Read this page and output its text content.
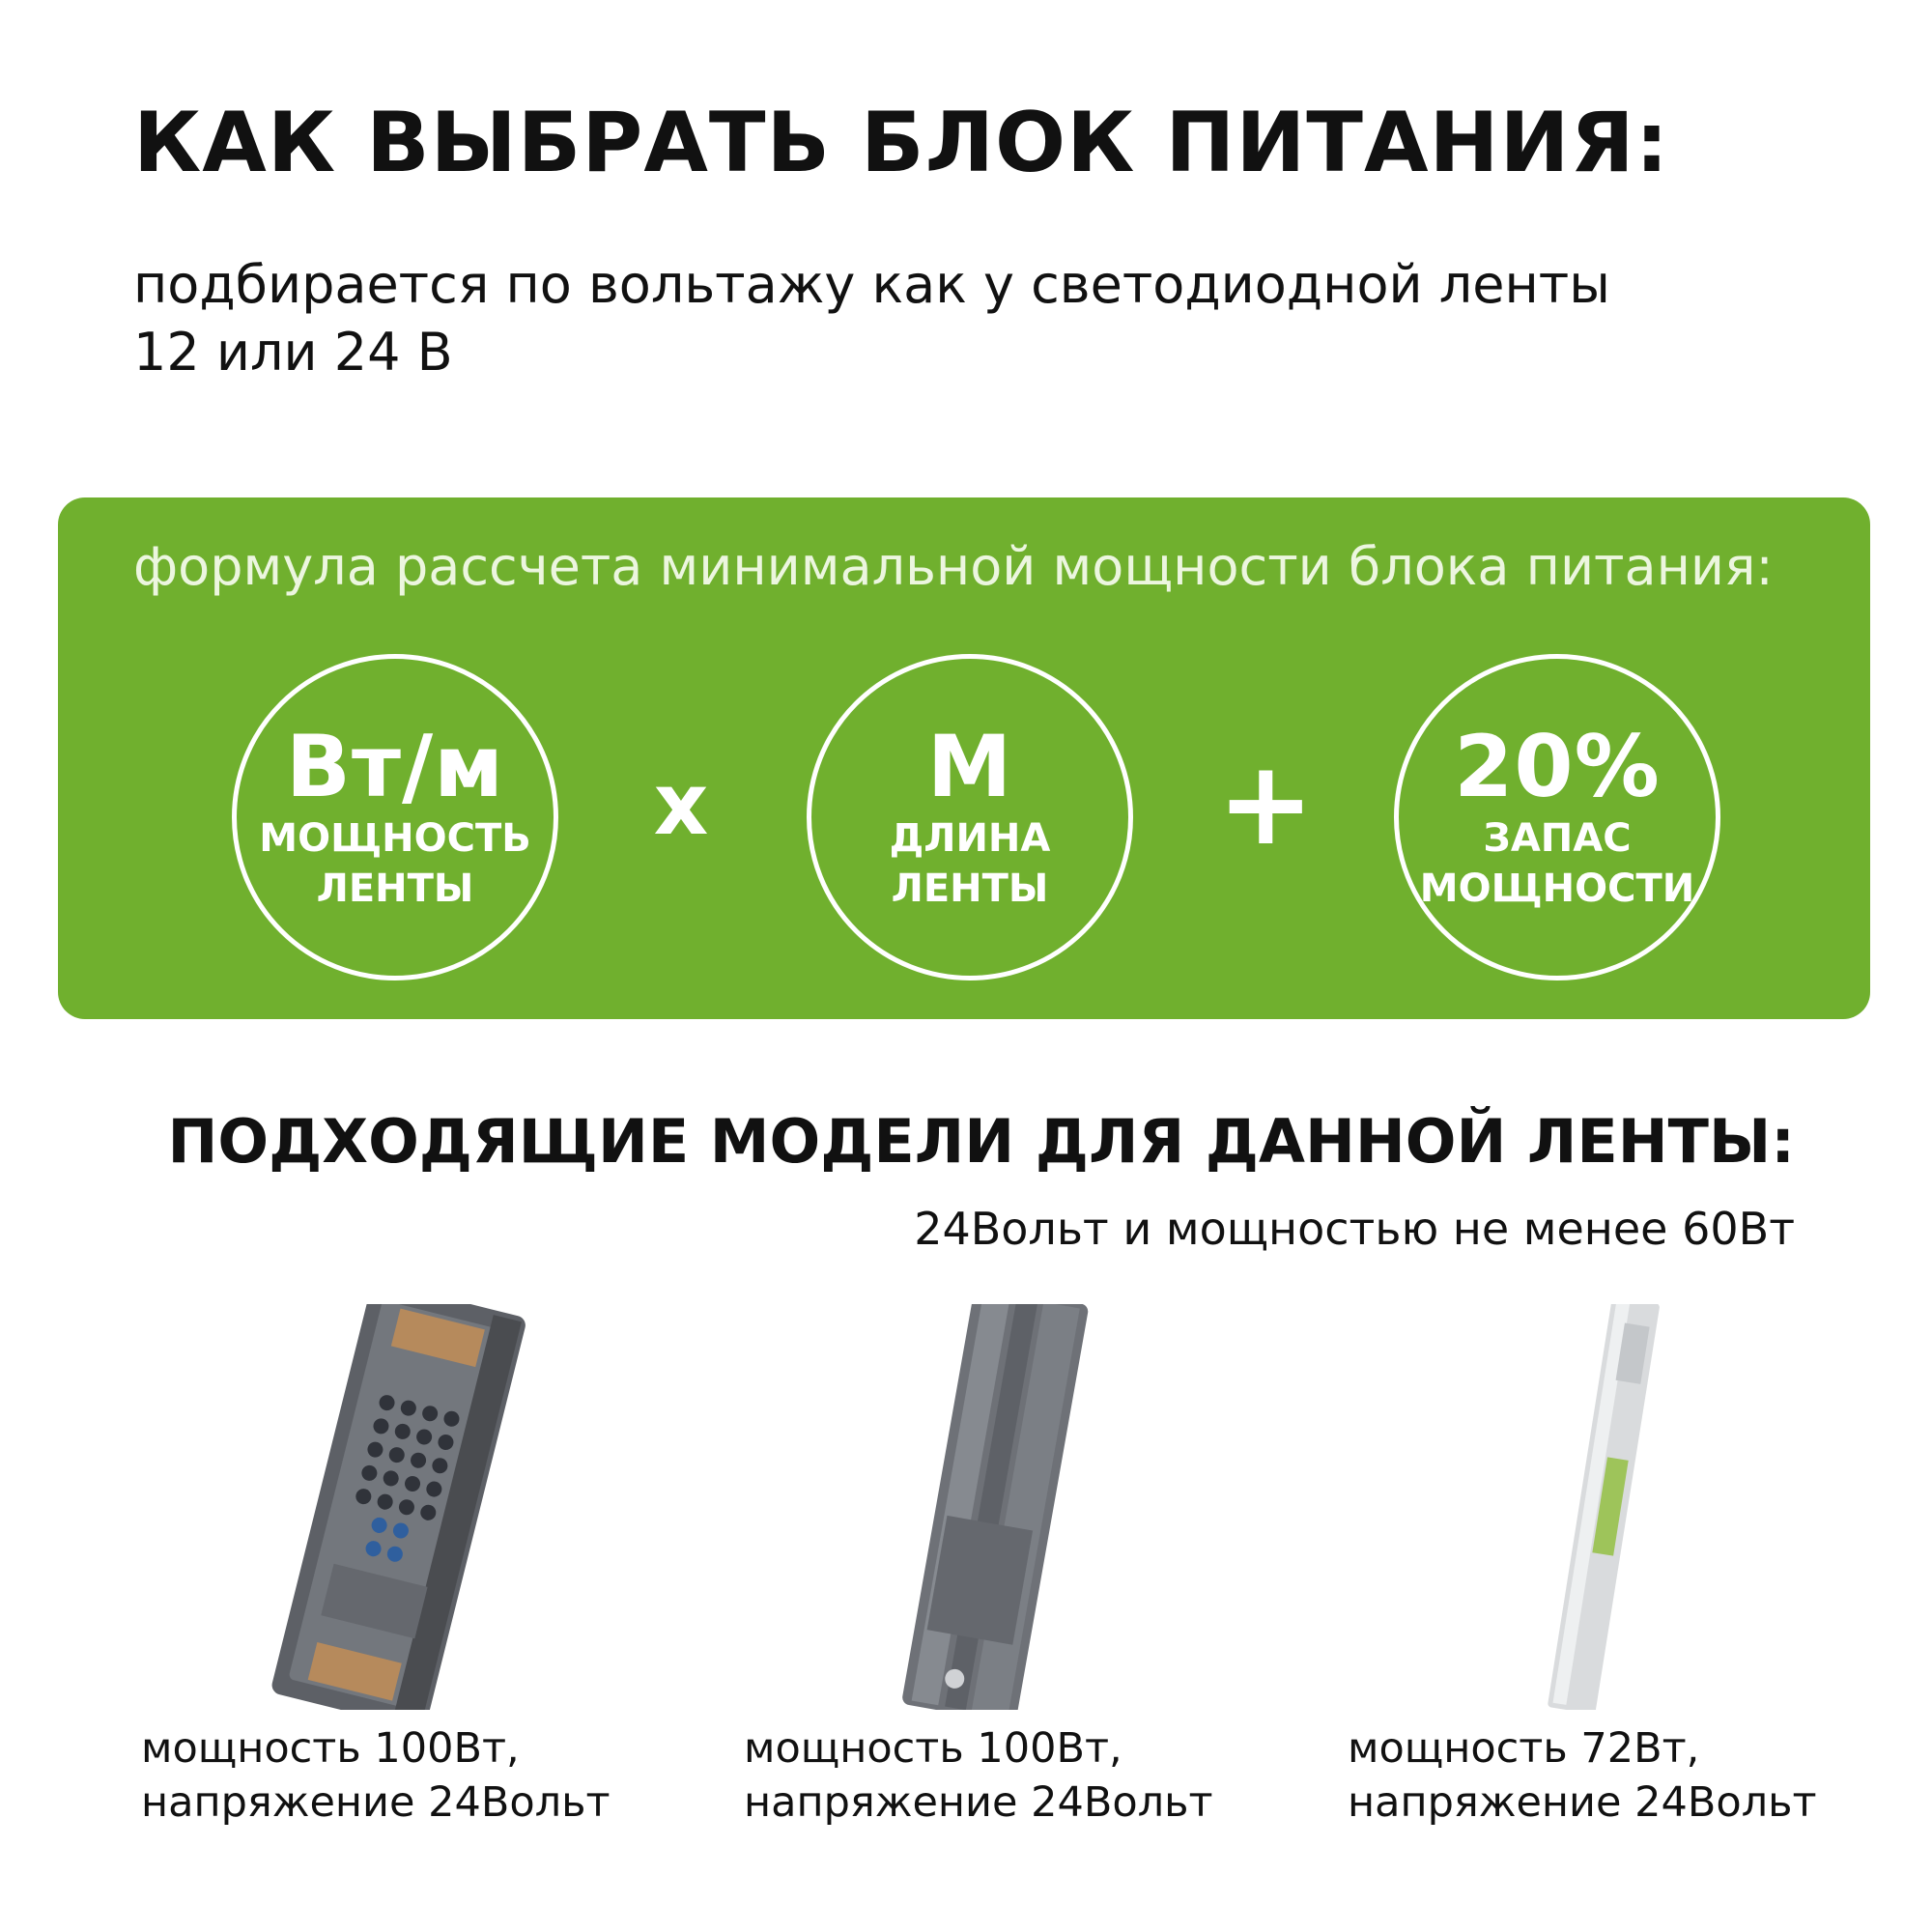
КАК ВЫБРАТЬ БЛОК ПИТАНИЯ:
подбирается по вольтажу как у светодиодной ленты
12 или 24 В
формула рассчета минимальной мощности блока питания:
Вт/м
МОЩНОСТЬ
ЛЕНТЫ
х	М
ДЛИНА
ЛЕНТЫ
+ 20%
ЗАПАС
МОЩНОСТИ
ПОДХОДЯЩИЕ МОДЕЛИ ДЛЯ ДАННОЙ ЛЕНТЫ:
24Вольт и мощностью не менее 60Вт
мощность 100Вт,
напряжение 24Вольт
мощность 100Вт,
напряжение 24Вольт
мощность 72Вт,
напряжение 24Вольт
